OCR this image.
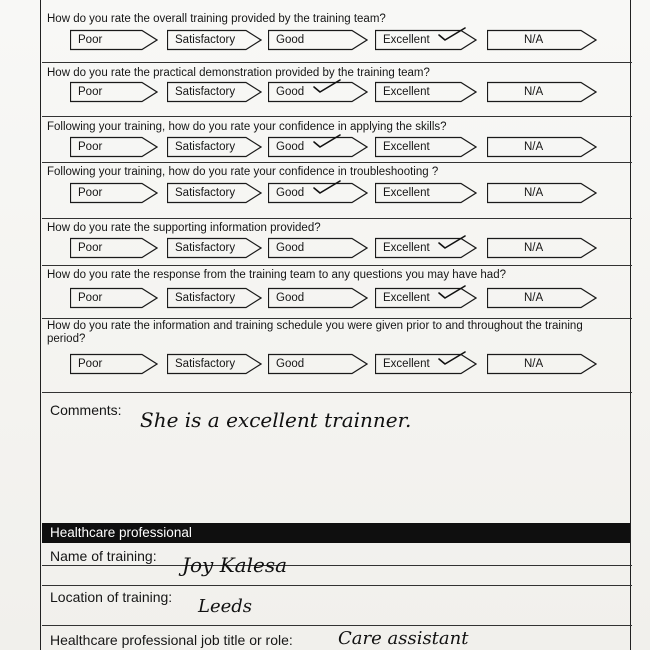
How do you rate the overall training provided by the training team?
Poor	Satisfactory	Good	Excellent	N/A
How do you rate the practical demonstration provided by the training team?
Poor	Satisfactory	Good	Excellent	N/A
Following your training, how do you rate your confidence in applying the skills?
Poor	Satisfactory	Good	Excellent	N/A
Following your training, how do you rate your confidence in troubleshooting ?
Poor	Satisfactory	Good	Excellent	N/A
How do you rate the supporting information provided?
Poor	Satisfactory	Good	Excellent	N/A
How do you rate the response from the training team to any questions you may have had?
Poor	Satisfactory	Good	Excellent	N/A
How do you rate the information and training schedule you were given prior to and throughout the training period?
Poor	Satisfactory	Good	Excellent	N/A
Comments: She is a excellent trainner.
Healthcare professional
Name of training: Joy Kalesa
Location of training: Leeds
Healthcare professional job title or role:	Care assistant
